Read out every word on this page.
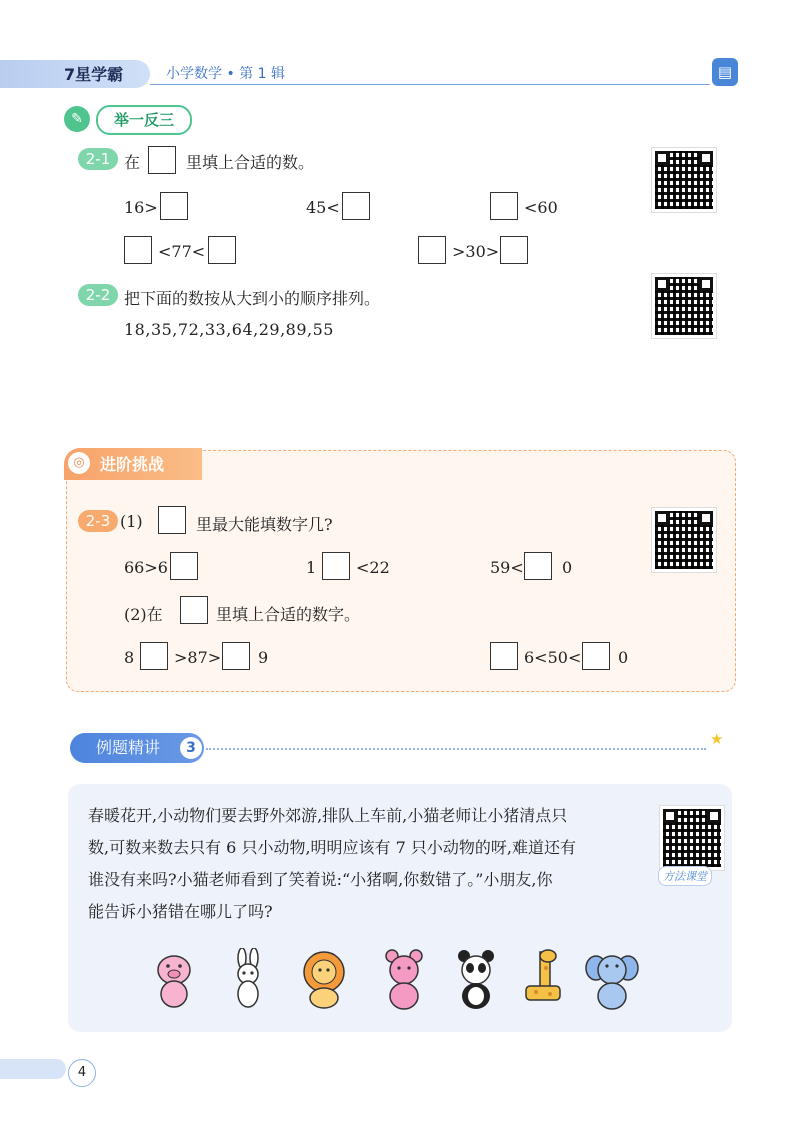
7星学霸	小学数学 • 第 1 辑	▤
✎	举一反三
2-1 在	里填上合适的数。
16>	45<	<60
<77<	>30>
2-2 把下面的数按从大到小的顺序排列。
18,35,72,33,64,29,89,55
◎ 进阶挑战
2-3 (1)	里最大能填数字几?
66>6	1 <22	59< 0
(2)在	里填上合适的数字。
8 >87> 9	6<50< 0
例题精讲	3	★
春暖花开,小动物们要去野外郊游,排队上车前,小猫老师让小猪清点只
数,可数来数去只有 6 只小动物,明明应该有 7 只小动物的呀,难道还有
谁没有来吗?小猫老师看到了笑着说:“小猪啊,你数错了。”小朋友,你
能告诉小猪错在哪儿了吗?
方法课堂
4
